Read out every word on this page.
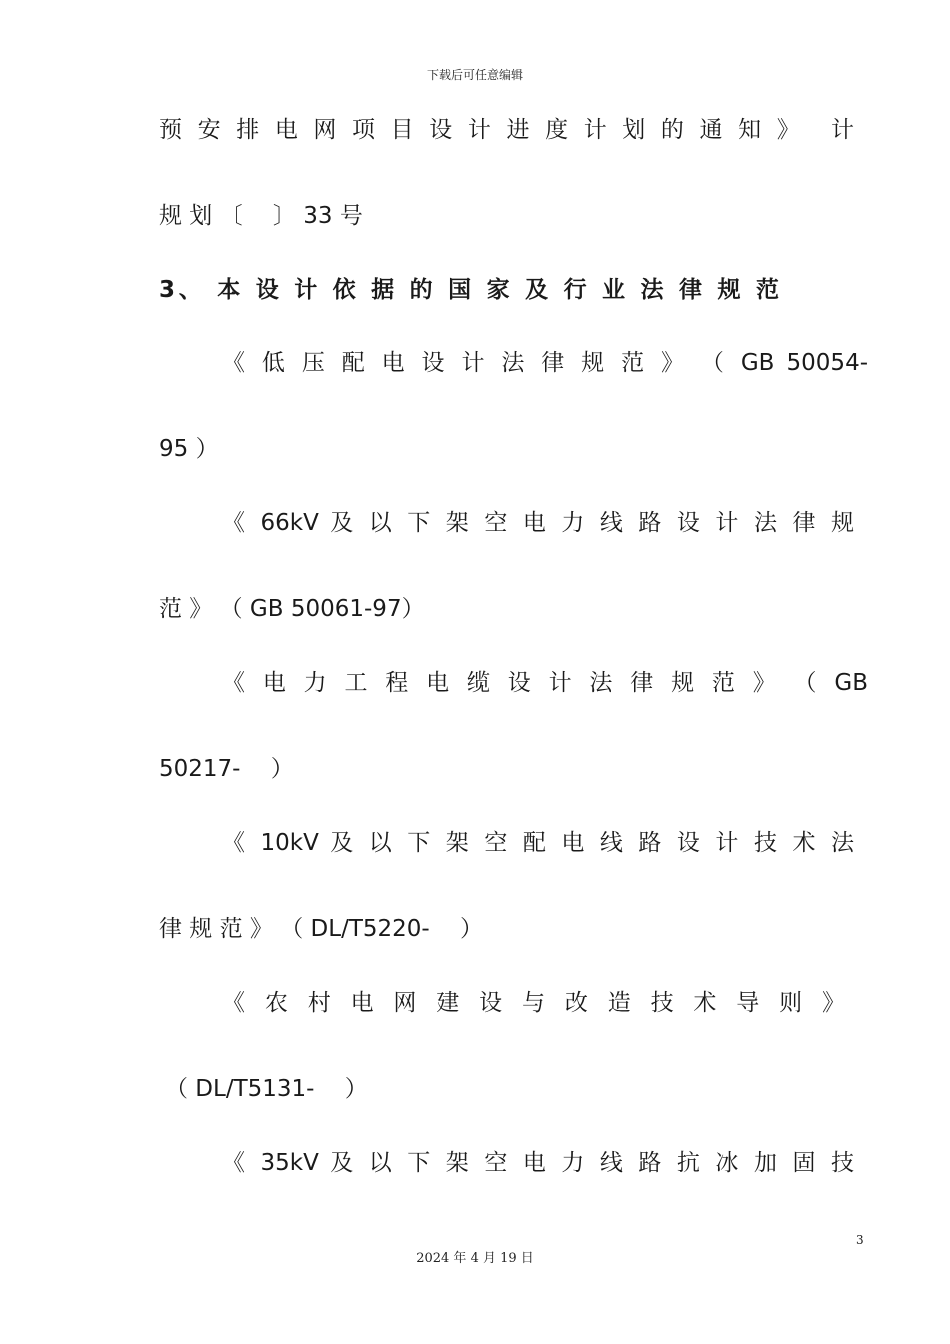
下载后可任意编辑
预 安 排 电 网 项 目 设 计 进 度 计 划 的 通 知 》　 计
规 划 〔　 〕 33 号
3、 本 设 计 依 据 的 国 家 及 行 业 法 律 规 范
《 低 压 配 电 设 计 法 律 规 范 》 （ GB 50054-
95 ）
《 66kV 及 以 下 架 空 电 力 线 路 设 计 法 律 规
范 》 （ GB 50061-97）
《 电 力 工 程 电 缆 设 计 法 律 规 范 》 （ GB
50217-　 ）
《 10kV 及 以 下 架 空 配 电 线 路 设 计 技 术 法
律 规 范 》 （ DL/T5220-　 ）
《 农 村 电 网 建 设 与 改 造 技 术 导 则 》
（ DL/T5131-　 ）
《 35kV 及 以 下 架 空 电 力 线 路 抗 冰 加 固 技
3
2024 年 4 月 19 日
